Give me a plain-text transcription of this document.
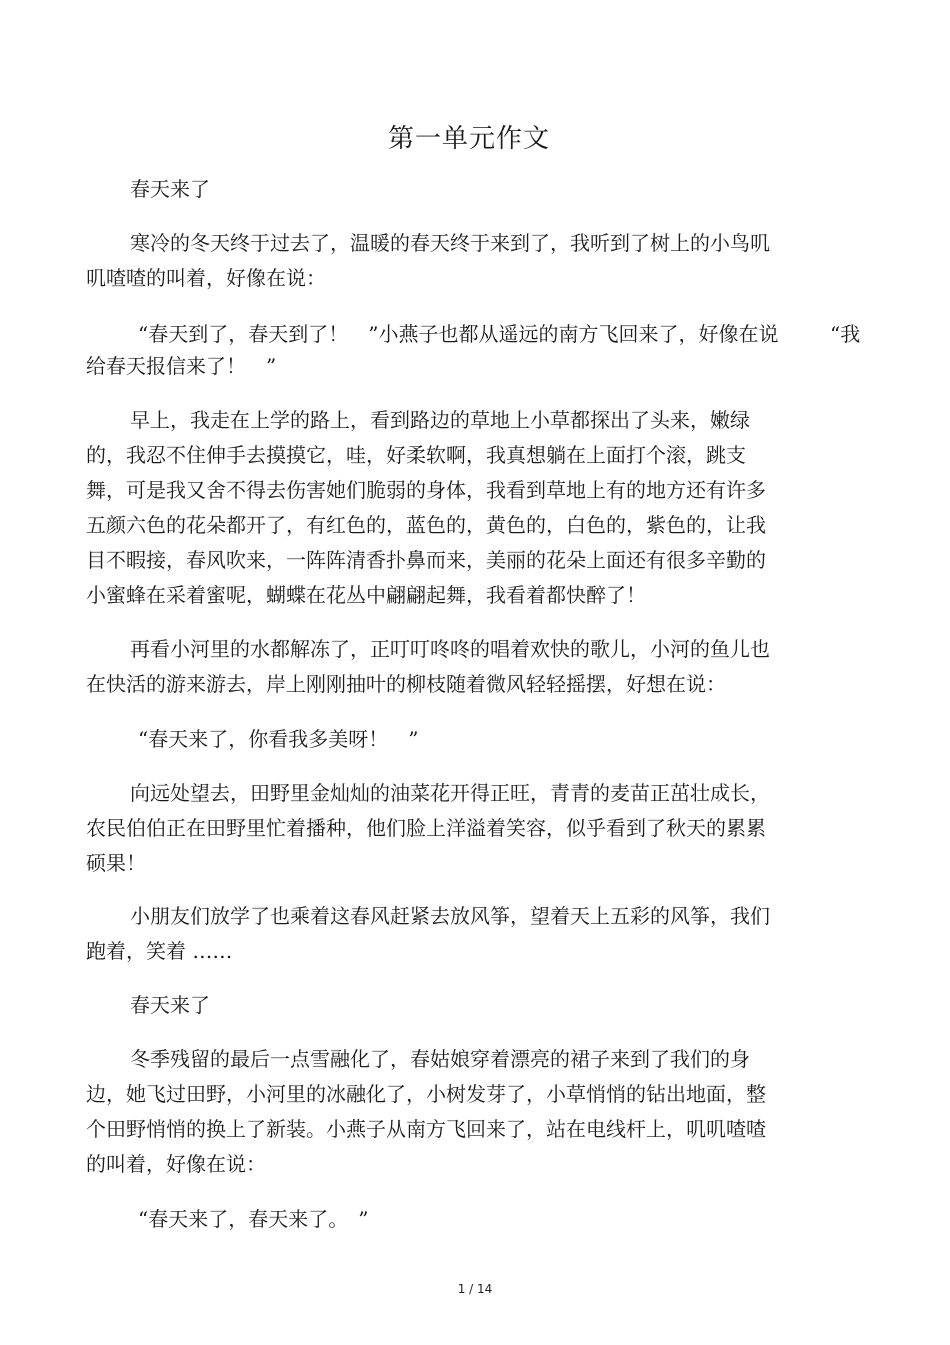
第一单元作文
春天来了
寒冷的冬天终于过去了，温暖的春天终于来到了，我听到了树上的小鸟叽
叽喳喳的叫着，好像在说：
“春天到了，春天到了！　”小燕子也都从遥远的南方飞回来了，好像在说	“我
给春天报信来了！　”
早上，我走在上学的路上，看到路边的草地上小草都探出了头来，嫩绿
的，我忍不住伸手去摸摸它，哇，好柔软啊，我真想躺在上面打个滚，跳支
舞，可是我又舍不得去伤害她们脆弱的身体，我看到草地上有的地方还有许多
五颜六色的花朵都开了，有红色的，蓝色的，黄色的，白色的，紫色的，让我
目不暇接，春风吹来，一阵阵清香扑鼻而来，美丽的花朵上面还有很多辛勤的
小蜜蜂在采着蜜呢，蝴蝶在花丛中翩翩起舞，我看着都快醉了！
再看小河里的水都解冻了，正叮叮咚咚的唱着欢快的歌儿，小河的鱼儿也
在快活的游来游去，岸上刚刚抽叶的柳枝随着微风轻轻摇摆，好想在说：
“春天来了，你看我多美呀！　”
向远处望去，田野里金灿灿的油菜花开得正旺，青青的麦苗正茁壮成长，
农民伯伯正在田野里忙着播种，他们脸上洋溢着笑容，似乎看到了秋天的累累
硕果！
小朋友们放学了也乘着这春风赶紧去放风筝，望着天上五彩的风筝，我们
跑着，笑着 ……
春天来了
冬季残留的最后一点雪融化了，春姑娘穿着漂亮的裙子来到了我们的身
边，她飞过田野，小河里的冰融化了，小树发芽了，小草悄悄的钻出地面，整
个田野悄悄的换上了新装。小燕子从南方飞回来了，站在电线杆上，叽叽喳喳
的叫着，好像在说：
“春天来了，春天来了。　”
1 / 14
